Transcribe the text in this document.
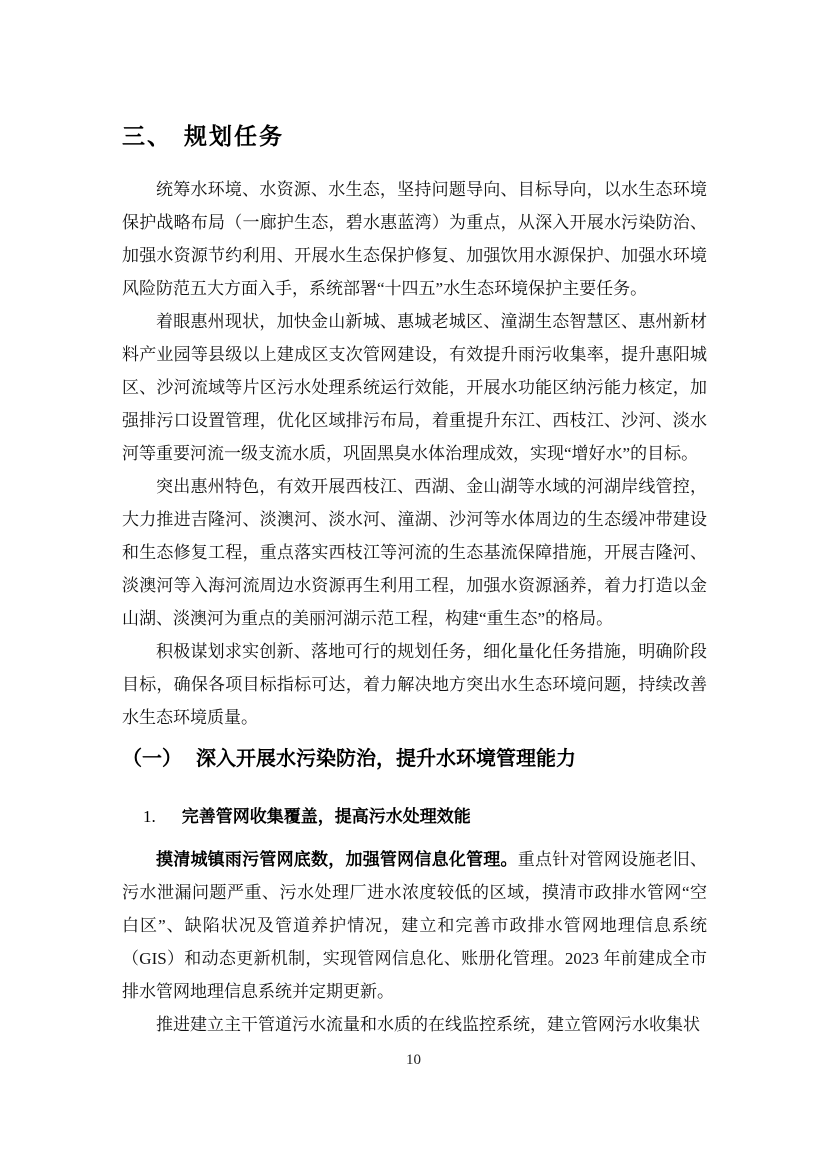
三、 规划任务

统筹水环境、水资源、水生态，坚持问题导向、目标导向，以水生态环境保护战略布局（一廊护生态，碧水惠蓝湾）为重点，从深入开展水污染防治、加强水资源节约利用、开展水生态保护修复、加强饮用水源保护、加强水环境风险防范五大方面入手，系统部署“十四五”水生态环境保护主要任务。

着眼惠州现状，加快金山新城、惠城老城区、潼湖生态智慧区、惠州新材料产业园等县级以上建成区支次管网建设，有效提升雨污收集率，提升惠阳城区、沙河流域等片区污水处理系统运行效能，开展水功能区纳污能力核定，加强排污口设置管理，优化区域排污布局，着重提升东江、西枝江、沙河、淡水河等重要河流一级支流水质，巩固黑臭水体治理成效，实现“增好水”的目标。

突出惠州特色，有效开展西枝江、西湖、金山湖等水域的河湖岸线管控，大力推进吉隆河、淡澳河、淡水河、潼湖、沙河等水体周边的生态缓冲带建设和生态修复工程，重点落实西枝江等河流的生态基流保障措施，开展吉隆河、淡澳河等入海河流周边水资源再生利用工程，加强水资源涵养，着力打造以金山湖、淡澳河为重点的美丽河湖示范工程，构建“重生态”的格局。

积极谋划求实创新、落地可行的规划任务，细化量化任务措施，明确阶段目标，确保各项目标指标可达，着力解决地方突出水生态环境问题，持续改善水生态环境质量。

（一） 深入开展水污染防治，提升水环境管理能力
1. 完善管网收集覆盖，提高污水处理效能

摸清城镇雨污管网底数，加强管网信息化管理。重点针对管网设施老旧、污水泄漏问题严重、污水处理厂进水浓度较低的区域，摸清市政排水管网“空白区”、缺陷状况及管道养护情况，建立和完善市政排水管网地理信息系统（GIS）和动态更新机制，实现管网信息化、账册化管理。2023 年前建成全市排水管网地理信息系统并定期更新。

推进建立主干管道污水流量和水质的在线监控系统，建立管网污水收集状

10
